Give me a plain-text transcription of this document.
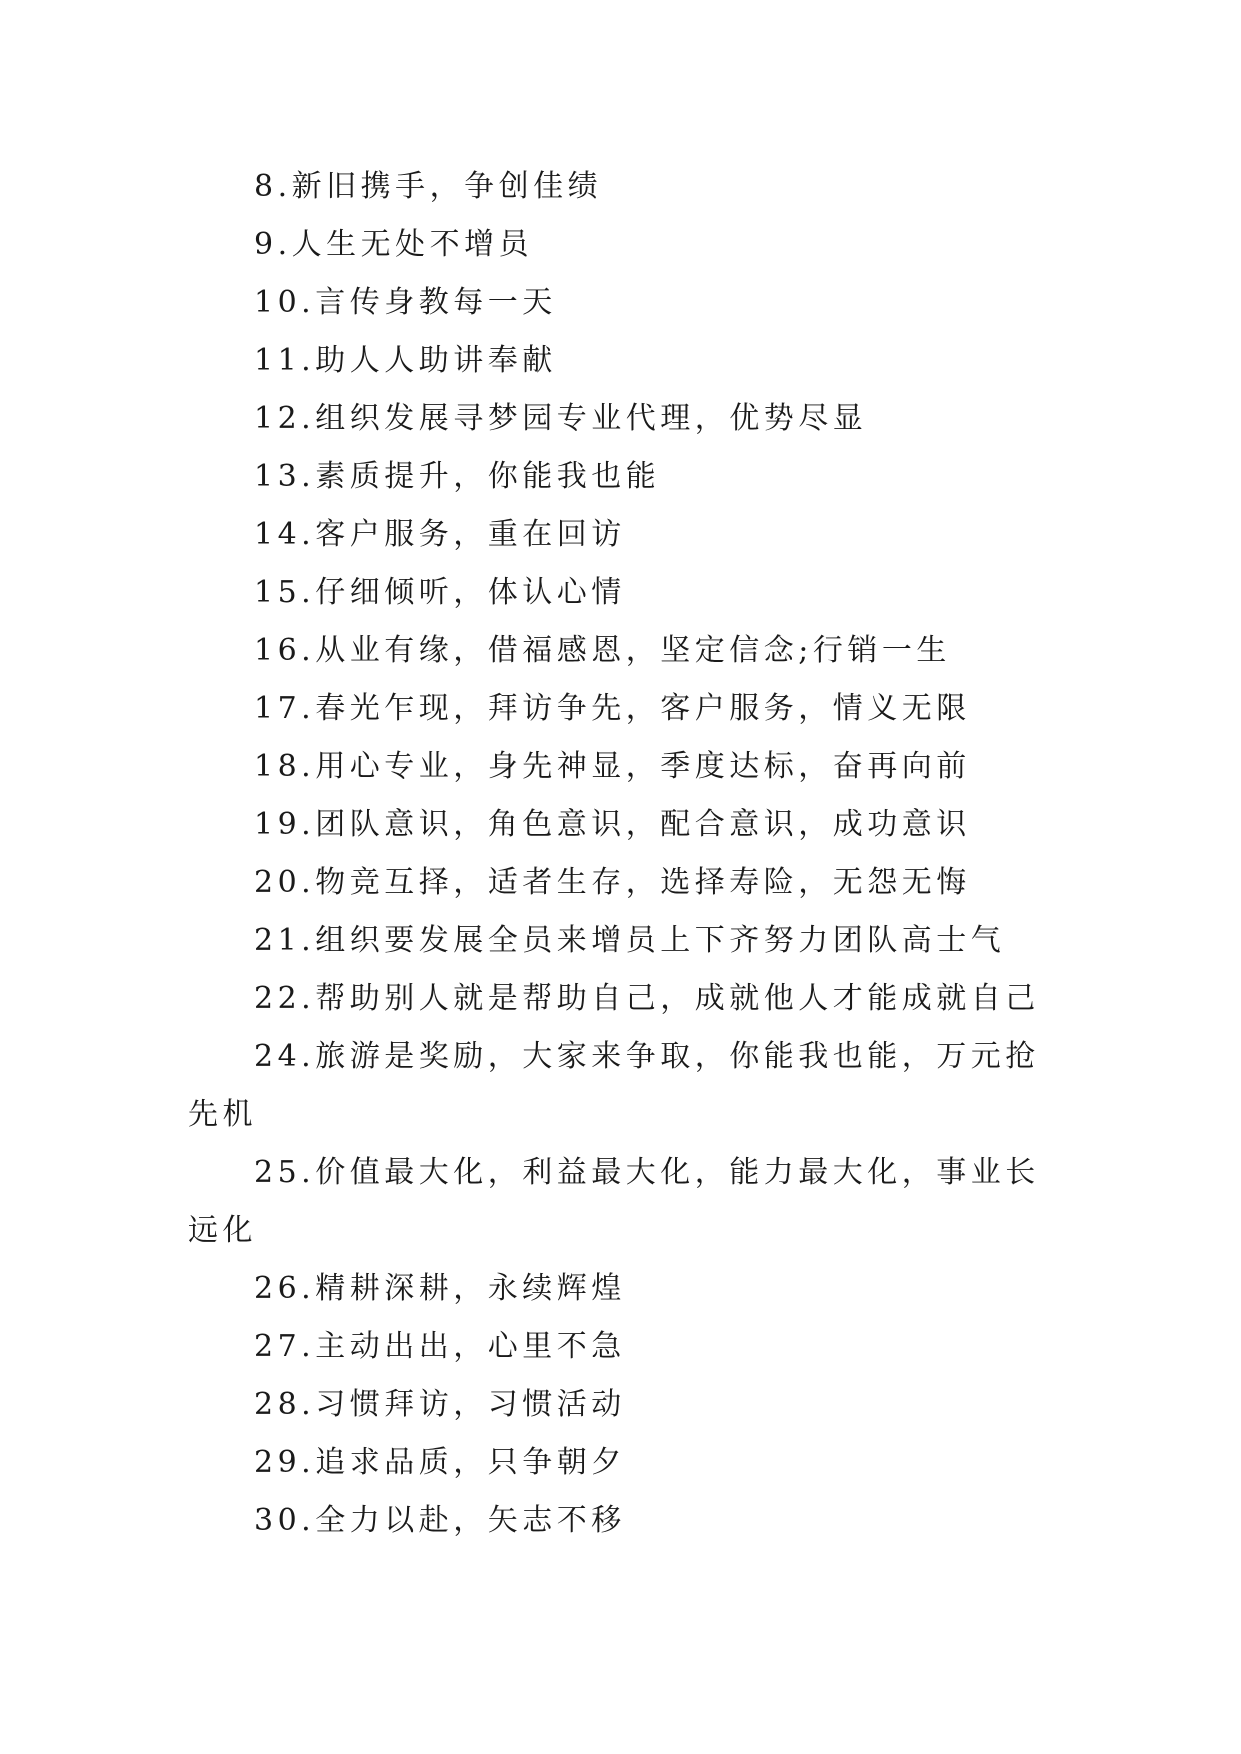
8.新旧携手，争创佳绩

9.人生无处不增员

10.言传身教每一天

11.助人人助讲奉献

12.组织发展寻梦园专业代理，优势尽显

13.素质提升，你能我也能

14.客户服务，重在回访

15.仔细倾听，体认心情

16.从业有缘，借福感恩，坚定信念;行销一生

17.春光乍现，拜访争先，客户服务，情义无限

18.用心专业，身先神显，季度达标，奋再向前

19.团队意识，角色意识，配合意识，成功意识

20.物竞互择，适者生存，选择寿险，无怨无悔

21.组织要发展全员来增员上下齐努力团队高士气

22.帮助别人就是帮助自己，成就他人才能成就自己

24.旅游是奖励，大家来争取，你能我也能，万元抢先机

25.价值最大化，利益最大化，能力最大化，事业长远化

26.精耕深耕，永续辉煌

27.主动出出，心里不急

28.习惯拜访，习惯活动

29.追求品质，只争朝夕

30.全力以赴，矢志不移
